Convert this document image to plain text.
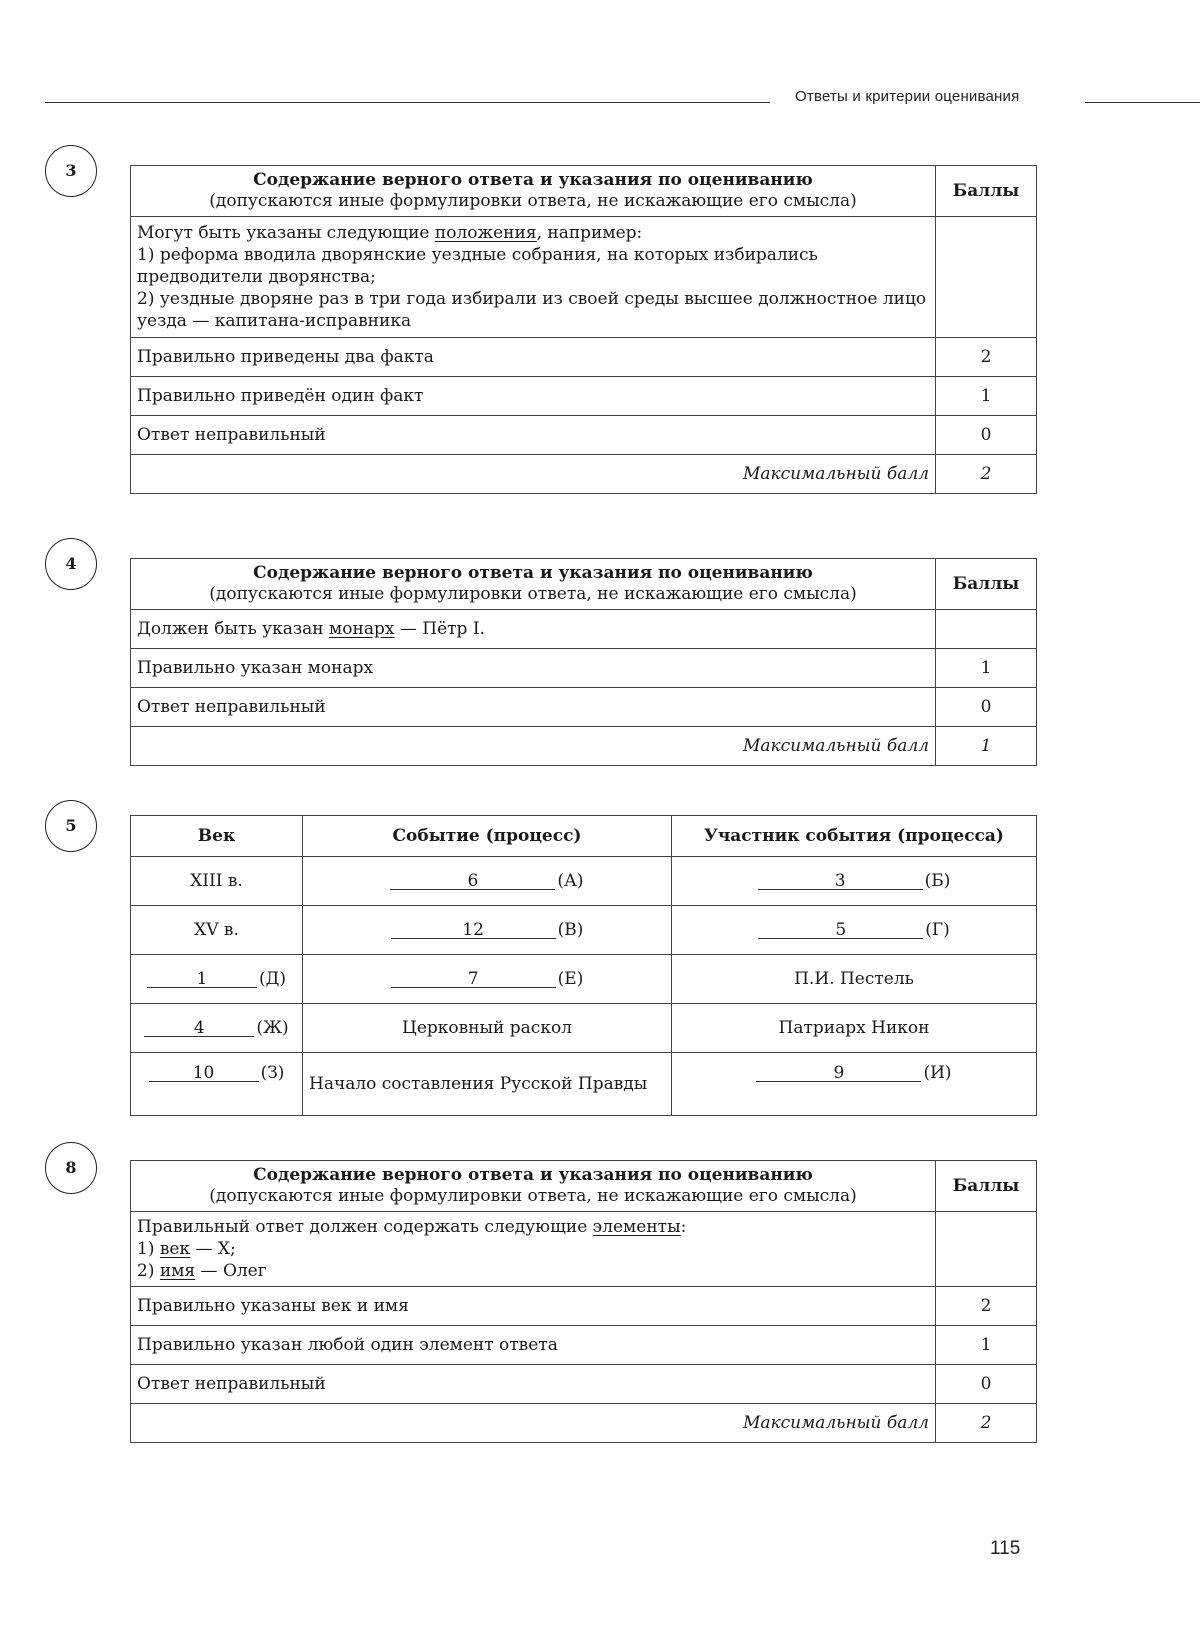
Ответы и критерии оценивания
3	Содержание верного ответа и указания по оцениванию
(допускаются иные формулировки ответа, не искажающие его смысла)	Баллы
Могут быть указаны следующие положения, например:
1) реформа вводила дворянские уездные собрания, на которых избирались предводители дворянства;
2) уездные дворяне раз в три года избирали из своей среды высшее должностное лицо уезда — капитана-исправника	
Правильно приведены два факта	2
Правильно приведён один факт	1
Ответ неправильный	0
Максимальный балл	2
4	Содержание верного ответа и указания по оцениванию
(допускаются иные формулировки ответа, не искажающие его смысла)	Баллы
Должен быть указан монарх — Пётр I.	
Правильно указан монарх	1
Ответ неправильный	0
Максимальный балл	1
5
Век	Событие (процесс)	Участник события (процесса)
XIII в.	6 (А)	3 (Б)
XV в.	12 (В)	5 (Г)
1 (Д)	7 (Е)	П.И. Пестель
4 (Ж)	Церковный раскол	Патриарх Никон
10 (З)	Начало составления Русской Правды	9 (И)
8	Содержание верного ответа и указания по оцениванию
(допускаются иные формулировки ответа, не искажающие его смысла)	Баллы
Правильный ответ должен содержать следующие элементы:
1) век — X;
2) имя — Олег	
Правильно указаны век и имя	2
Правильно указан любой один элемент ответа	1
Ответ неправильный	0
Максимальный балл	2
115
